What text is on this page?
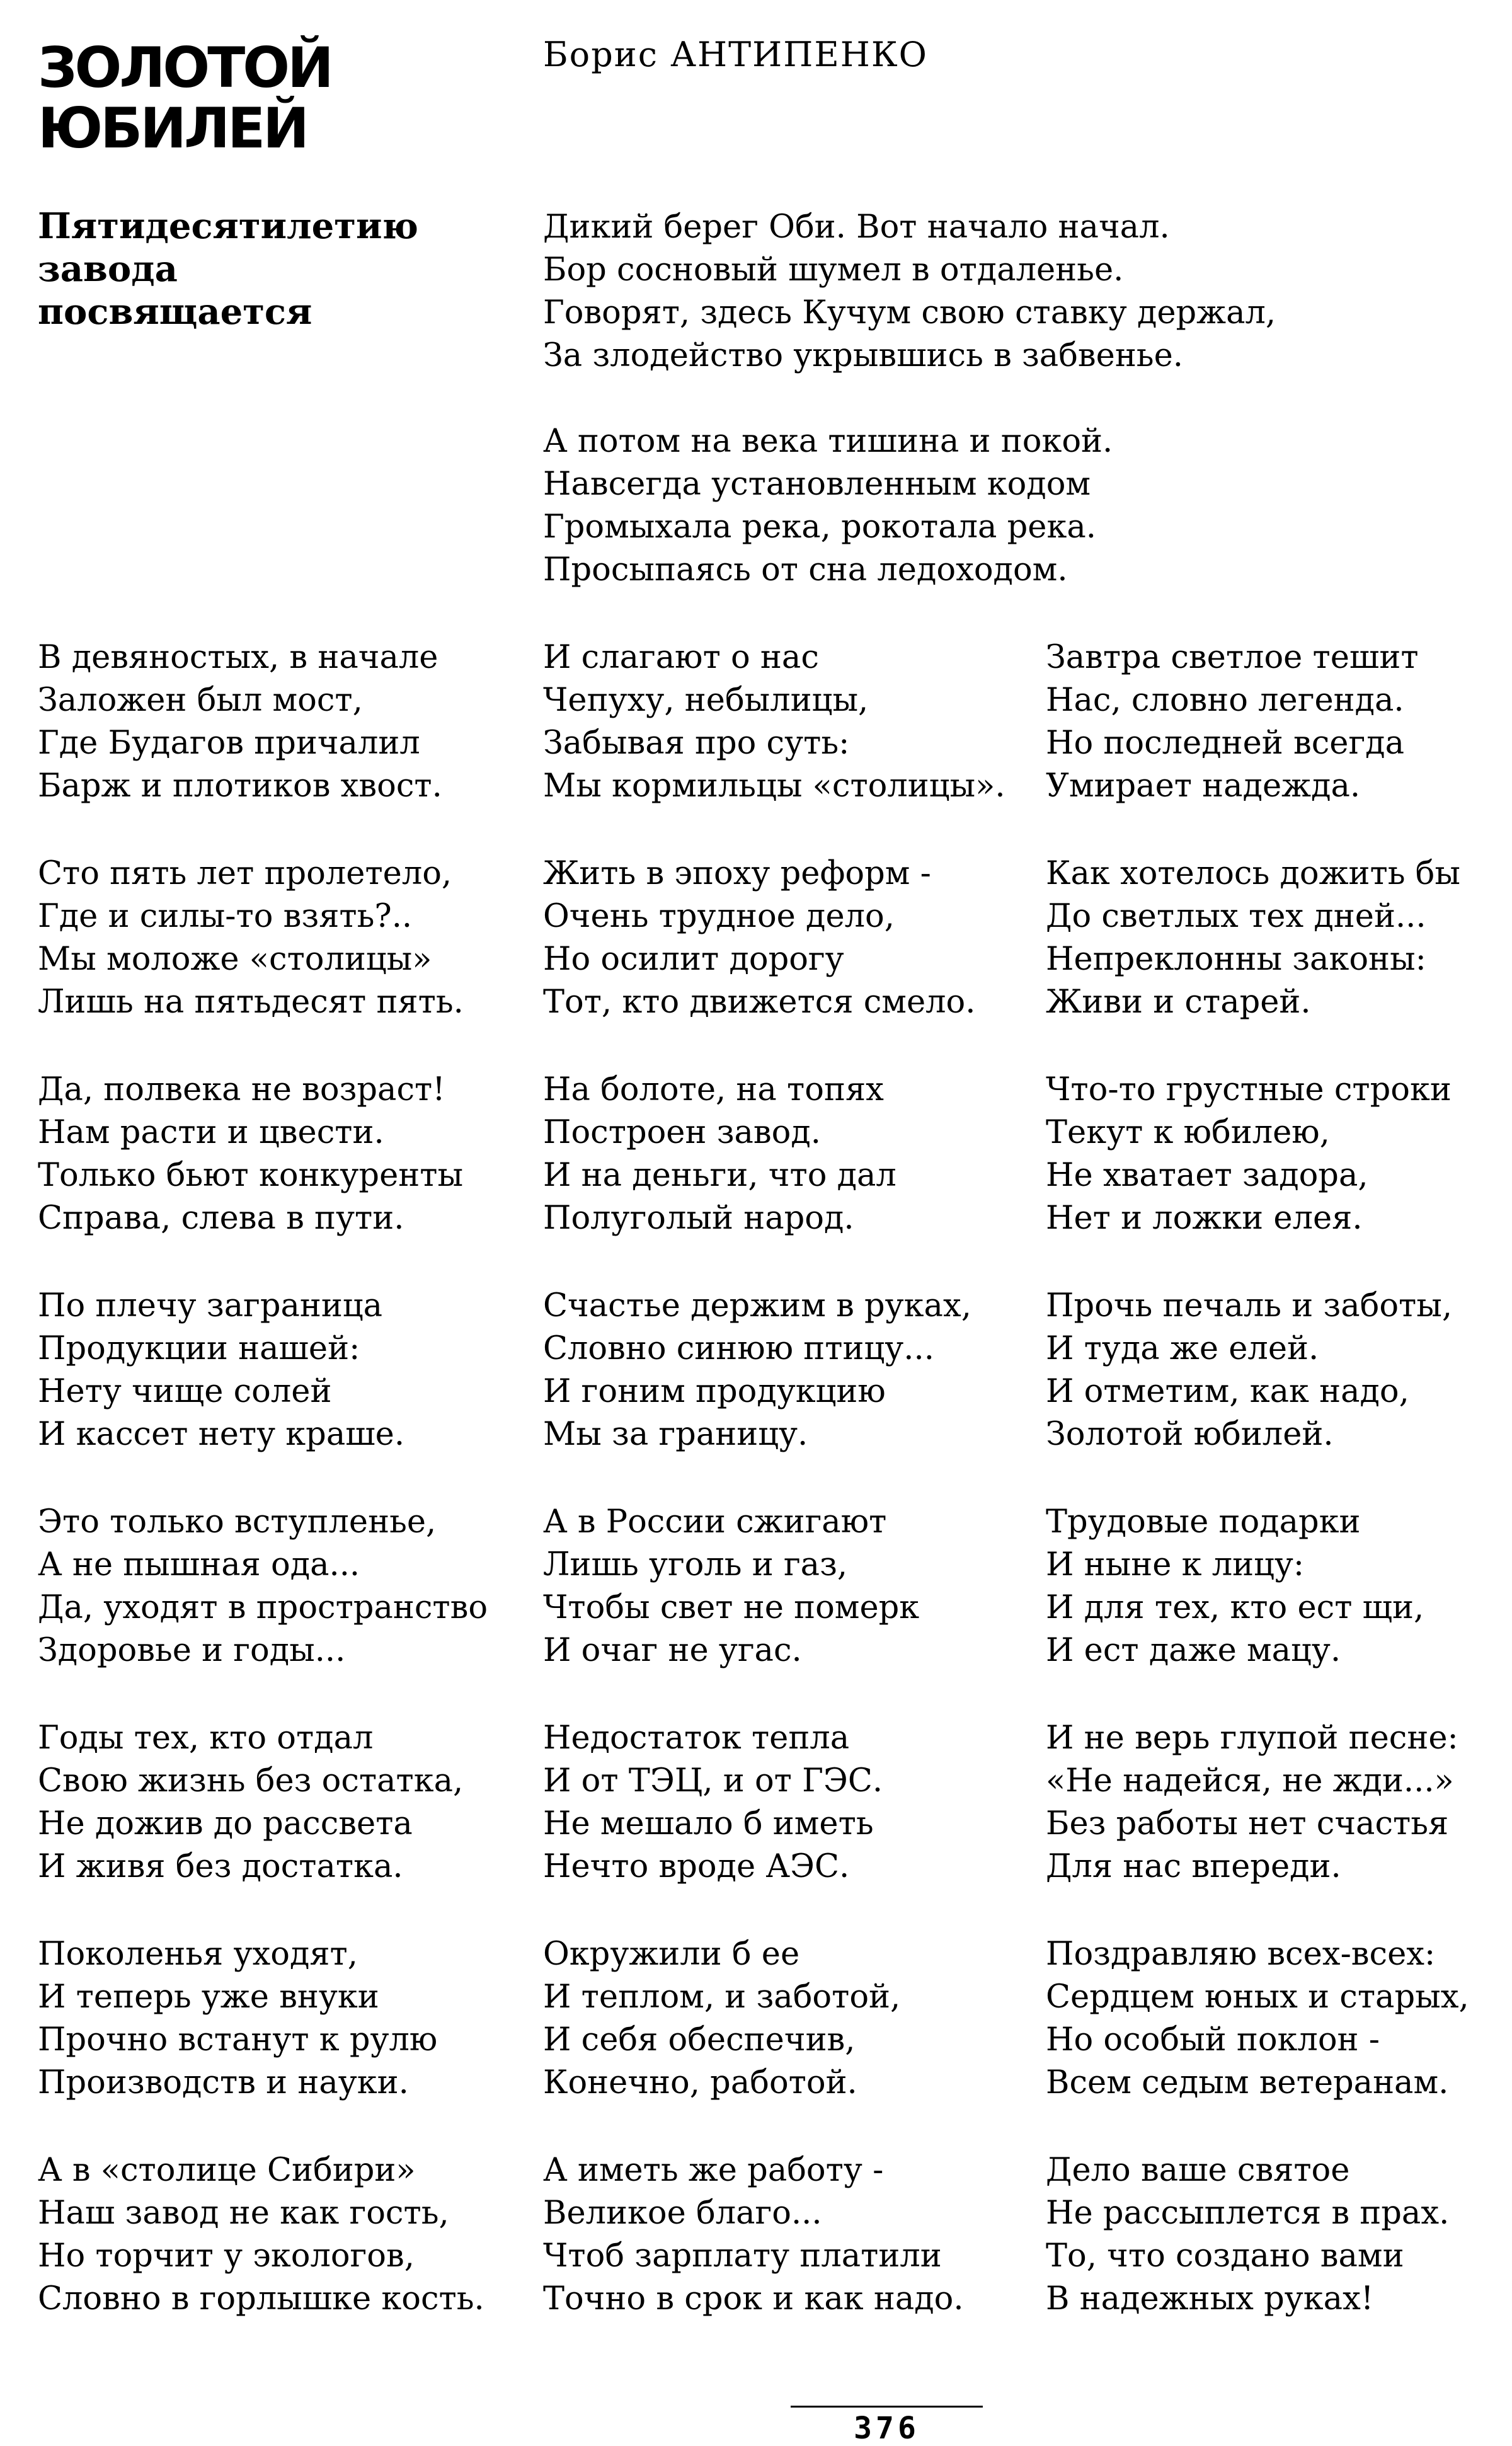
ЗОЛОТОЙ
ЮБИЛЕЙ
Борис АНТИПЕНКО
Пятидесятилетию
завода
посвящается
Дикий берег Оби. Вот начало начал.
Бор сосновый шумел в отдаленье.
Говорят, здесь Кучум свою ставку держал,
За злодейство укрывшись в забвенье.
А потом на века тишина и покой.
Навсегда установленным кодом
Громыхала река, рокотала река.
Просыпаясь от сна ледоходом.
В девяностых, в начале
Заложен был мост,
Где Будагов причалил
Барж и плотиков хвост.
И слагают о нас
Чепуху, небылицы,
Забывая про суть:
Мы кормильцы «столицы».
Завтра светлое тешит
Нас, словно легенда.
Но последней всегда
Умирает надежда.
Сто пять лет пролетело,
Где и силы-то взять?..
Мы моложе «столицы»
Лишь на пятьдесят пять.
Жить в эпоху реформ -
Очень трудное дело,
Но осилит дорогу
Тот, кто движется смело.
Как хотелось дожить бы
До светлых тех дней...
Непреклонны законы:
Живи и старей.
Да, полвека не возраст!
Нам расти и цвести.
Только бьют конкуренты
Справа, слева в пути.
На болоте, на топях
Построен завод.
И на деньги, что дал
Полуголый народ.
Что-то грустные строки
Текут к юбилею,
Не хватает задора,
Нет и ложки елея.
По плечу заграница
Продукции нашей:
Нету чище солей
И кассет нету краше.
Счастье держим в руках,
Словно синюю птицу...
И гоним продукцию
Мы за границу.
Прочь печаль и заботы,
И туда же елей.
И отметим, как надо,
Золотой юбилей.
Это только вступленье,
А не пышная ода...
Да, уходят в пространство
Здоровье и годы...
А в России сжигают
Лишь уголь и газ,
Чтобы свет не померк
И очаг не угас.
Трудовые подарки
И ныне к лицу:
И для тех, кто ест щи,
И ест даже мацу.
Годы тех, кто отдал
Свою жизнь без остатка,
Не дожив до рассвета
И живя без достатка.
Недостаток тепла
И от ТЭЦ, и от ГЭС.
Не мешало б иметь
Нечто вроде АЭС.
И не верь глупой песне:
«Не надейся, не жди...»
Без работы нет счастья
Для нас впереди.
Поколенья уходят,
И теперь уже внуки
Прочно встанут к рулю
Производств и науки.
Окружили б ее
И теплом, и заботой,
И себя обеспечив,
Конечно, работой.
Поздравляю всех-всех:
Сердцем юных и старых,
Но особый поклон -
Всем седым ветеранам.
А в «столице Сибири»
Наш завод не как гость,
Но торчит у экологов,
Словно в горлышке кость.
А иметь же работу -
Великое благо...
Чтоб зарплату платили
Точно в срок и как надо.
Дело ваше святое
Не рассыплется в прах.
То, что создано вами
В надежных руках!
376
